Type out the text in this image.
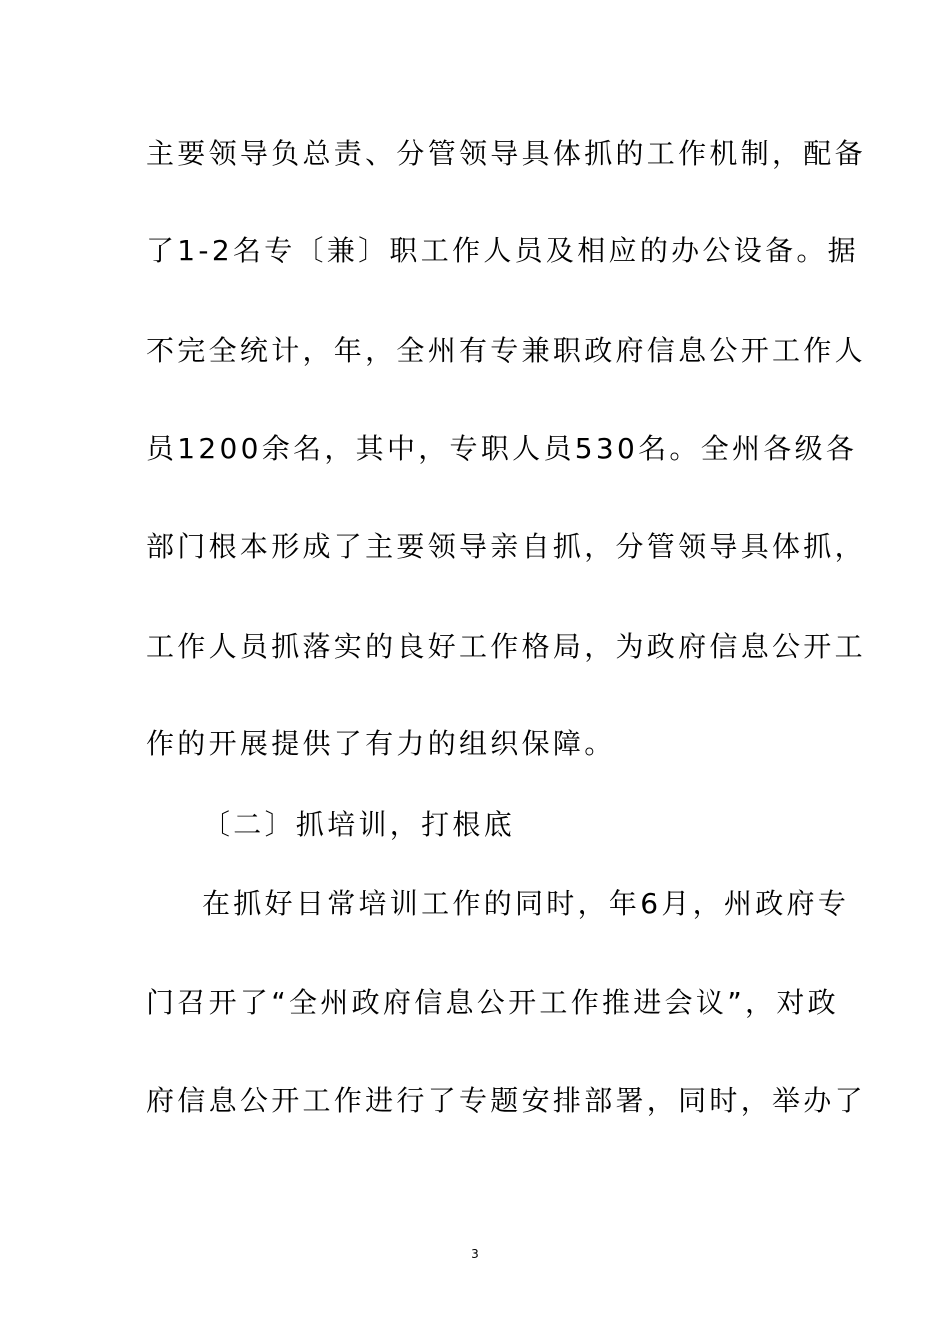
主要领导负总责、分管领导具体抓的工作机制，配备
了1-2名专〔兼〕职工作人员及相应的办公设备。据
不完全统计，年，全州有专兼职政府信息公开工作人
员1200余名，其中，专职人员530名。全州各级各
部门根本形成了主要领导亲自抓，分管领导具体抓，
工作人员抓落实的良好工作格局，为政府信息公开工
作的开展提供了有力的组织保障。
〔二〕抓培训，打根底
在抓好日常培训工作的同时，年6月，州政府专
门召开了“全州政府信息公开工作推进会议”，对政
府信息公开工作进行了专题安排部署，同时，举办了
3
